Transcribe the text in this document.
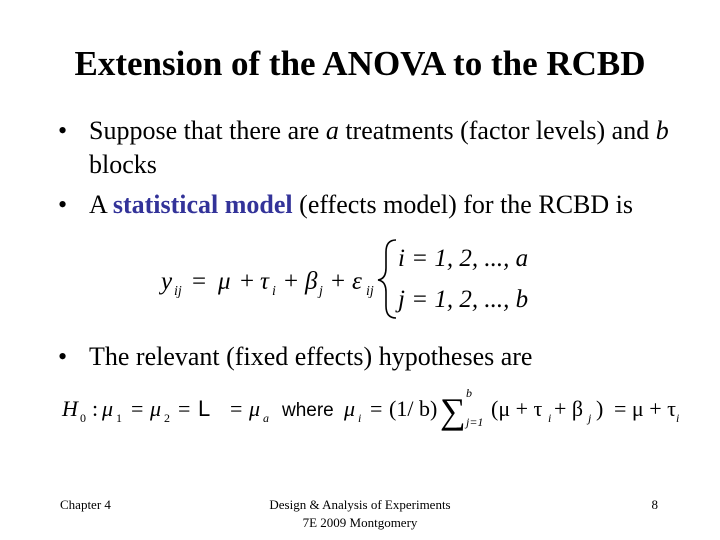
Extension of the ANOVA to the RCBD
• Suppose that there are a treatments (factor levels) and b blocks
• A statistical model (effects model) for the RCBD is
y ij = μ + τ i + β j + ε ij
i = 1, 2, ..., a
j = 1, 2, ..., b
• The relevant (fixed effects) hypotheses are
H 0 : μ 1 = μ 2 = L = μ a where μ i = (1/ b) ∑ b
j=1
(μ + τ i + β j ) = μ + τ i
Chapter 4	Design & Analysis of Experiments
7E 2009 Montgomery
8
